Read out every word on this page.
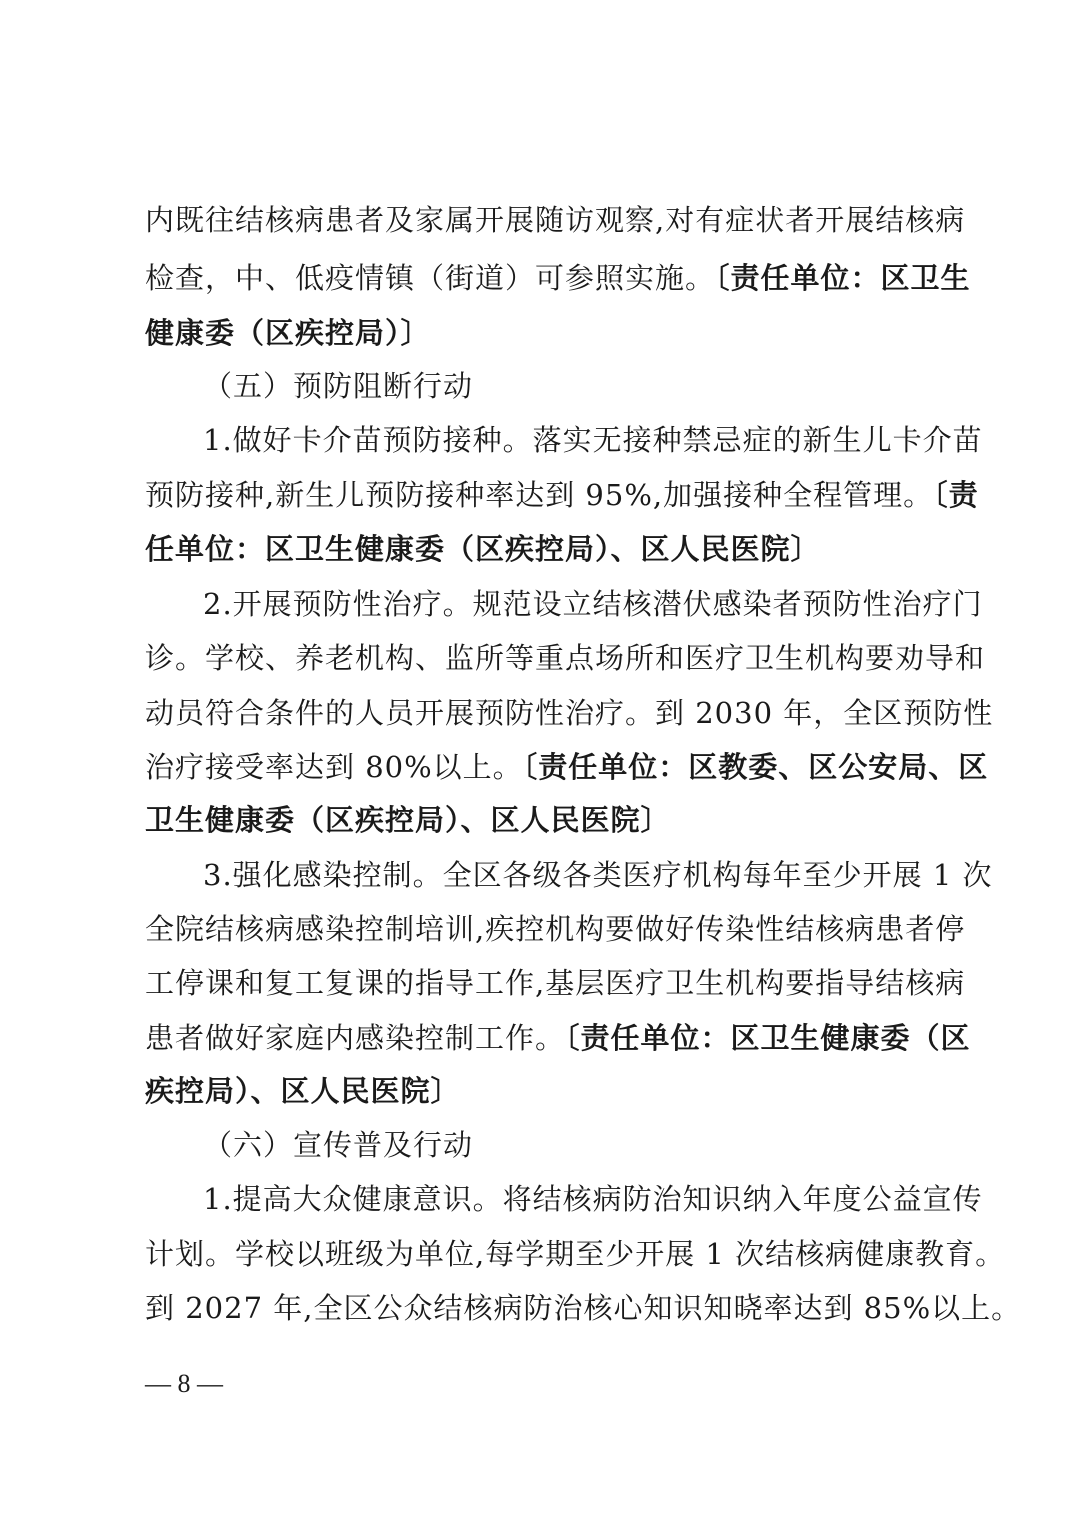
内既往结核病患者及家属开展随访观察,对有症状者开展结核病
检查，中、低疫情镇（街道）可参照实施。〔责任单位：区卫生
健康委（区疾控局）〕
（五）预防阻断行动
1.做好卡介苗预防接种。落实无接种禁忌症的新生儿卡介苗
预防接种,新生儿预防接种率达到 95%,加强接种全程管理。〔责
任单位：区卫生健康委（区疾控局）、区人民医院〕
2.开展预防性治疗。规范设立结核潜伏感染者预防性治疗门
诊。学校、养老机构、监所等重点场所和医疗卫生机构要劝导和
动员符合条件的人员开展预防性治疗。到 2030 年，全区预防性
治疗接受率达到 80%以上。〔责任单位：区教委、区公安局、区
卫生健康委（区疾控局）、区人民医院〕
3.强化感染控制。全区各级各类医疗机构每年至少开展 1 次
全院结核病感染控制培训,疾控机构要做好传染性结核病患者停
工停课和复工复课的指导工作,基层医疗卫生机构要指导结核病
患者做好家庭内感染控制工作。〔责任单位：区卫生健康委（区
疾控局）、区人民医院〕
（六）宣传普及行动
1.提高大众健康意识。将结核病防治知识纳入年度公益宣传
计划。学校以班级为单位,每学期至少开展 1 次结核病健康教育。
到 2027 年,全区公众结核病防治核心知识知晓率达到 85%以上。
— 8 —
